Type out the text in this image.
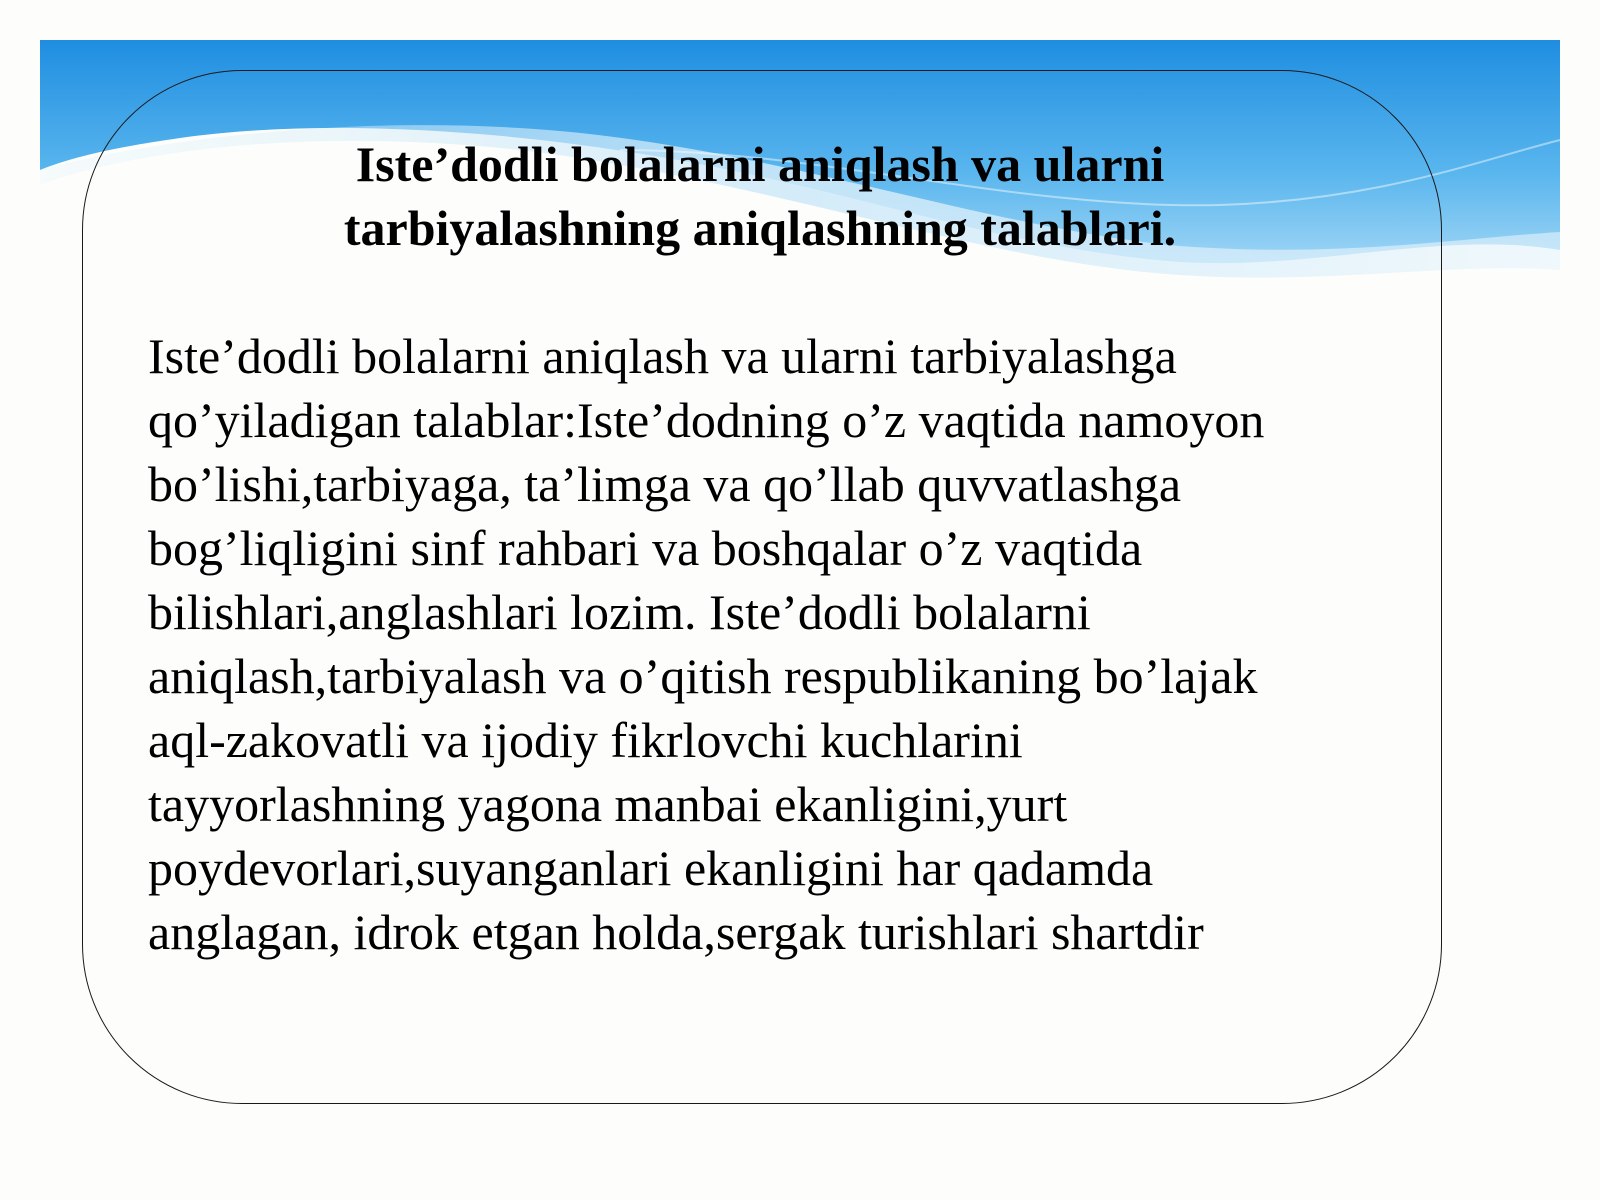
Iste’dodli bolalarni aniqlash va ularni
tarbiyalashning aniqlashning talablari.

Iste’dodli bolalarni aniqlash va ularni tarbiyalashga
qo’yiladigan talablar:Iste’dodning o’z vaqtida namoyon
bo’lishi,tarbiyaga, ta’limga va qo’llab quvvatlashga
bog’liqligini sinf rahbari va boshqalar o’z vaqtida
bilishlari,anglashlari lozim. Iste’dodli bolalarni
aniqlash,tarbiyalash va o’qitish respublikaning bo’lajak
aql-zakovatli va ijodiy fikrlovchi kuchlarini
tayyorlashning yagona manbai ekanligini,yurt
poydevorlari,suyanganlari ekanligini har qadamda
anglagan, idrok etgan holda,sergak turishlari shartdir
